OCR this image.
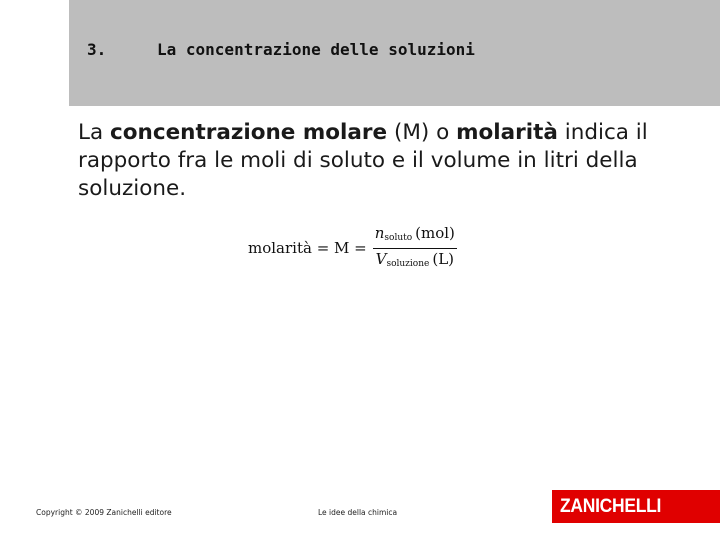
3.	La concentrazione delle soluzioni
La concentrazione molare (M) o molarità indica il rapporto fra le moli di soluto e il volume in litri della soluzione.
molarità = $M = \frac{n_{soluto} (mol)}{V_{soluzione} (L)}$
Copyright © 2009 Zanichelli editore	Le idee della chimica	ZANICHELLI
